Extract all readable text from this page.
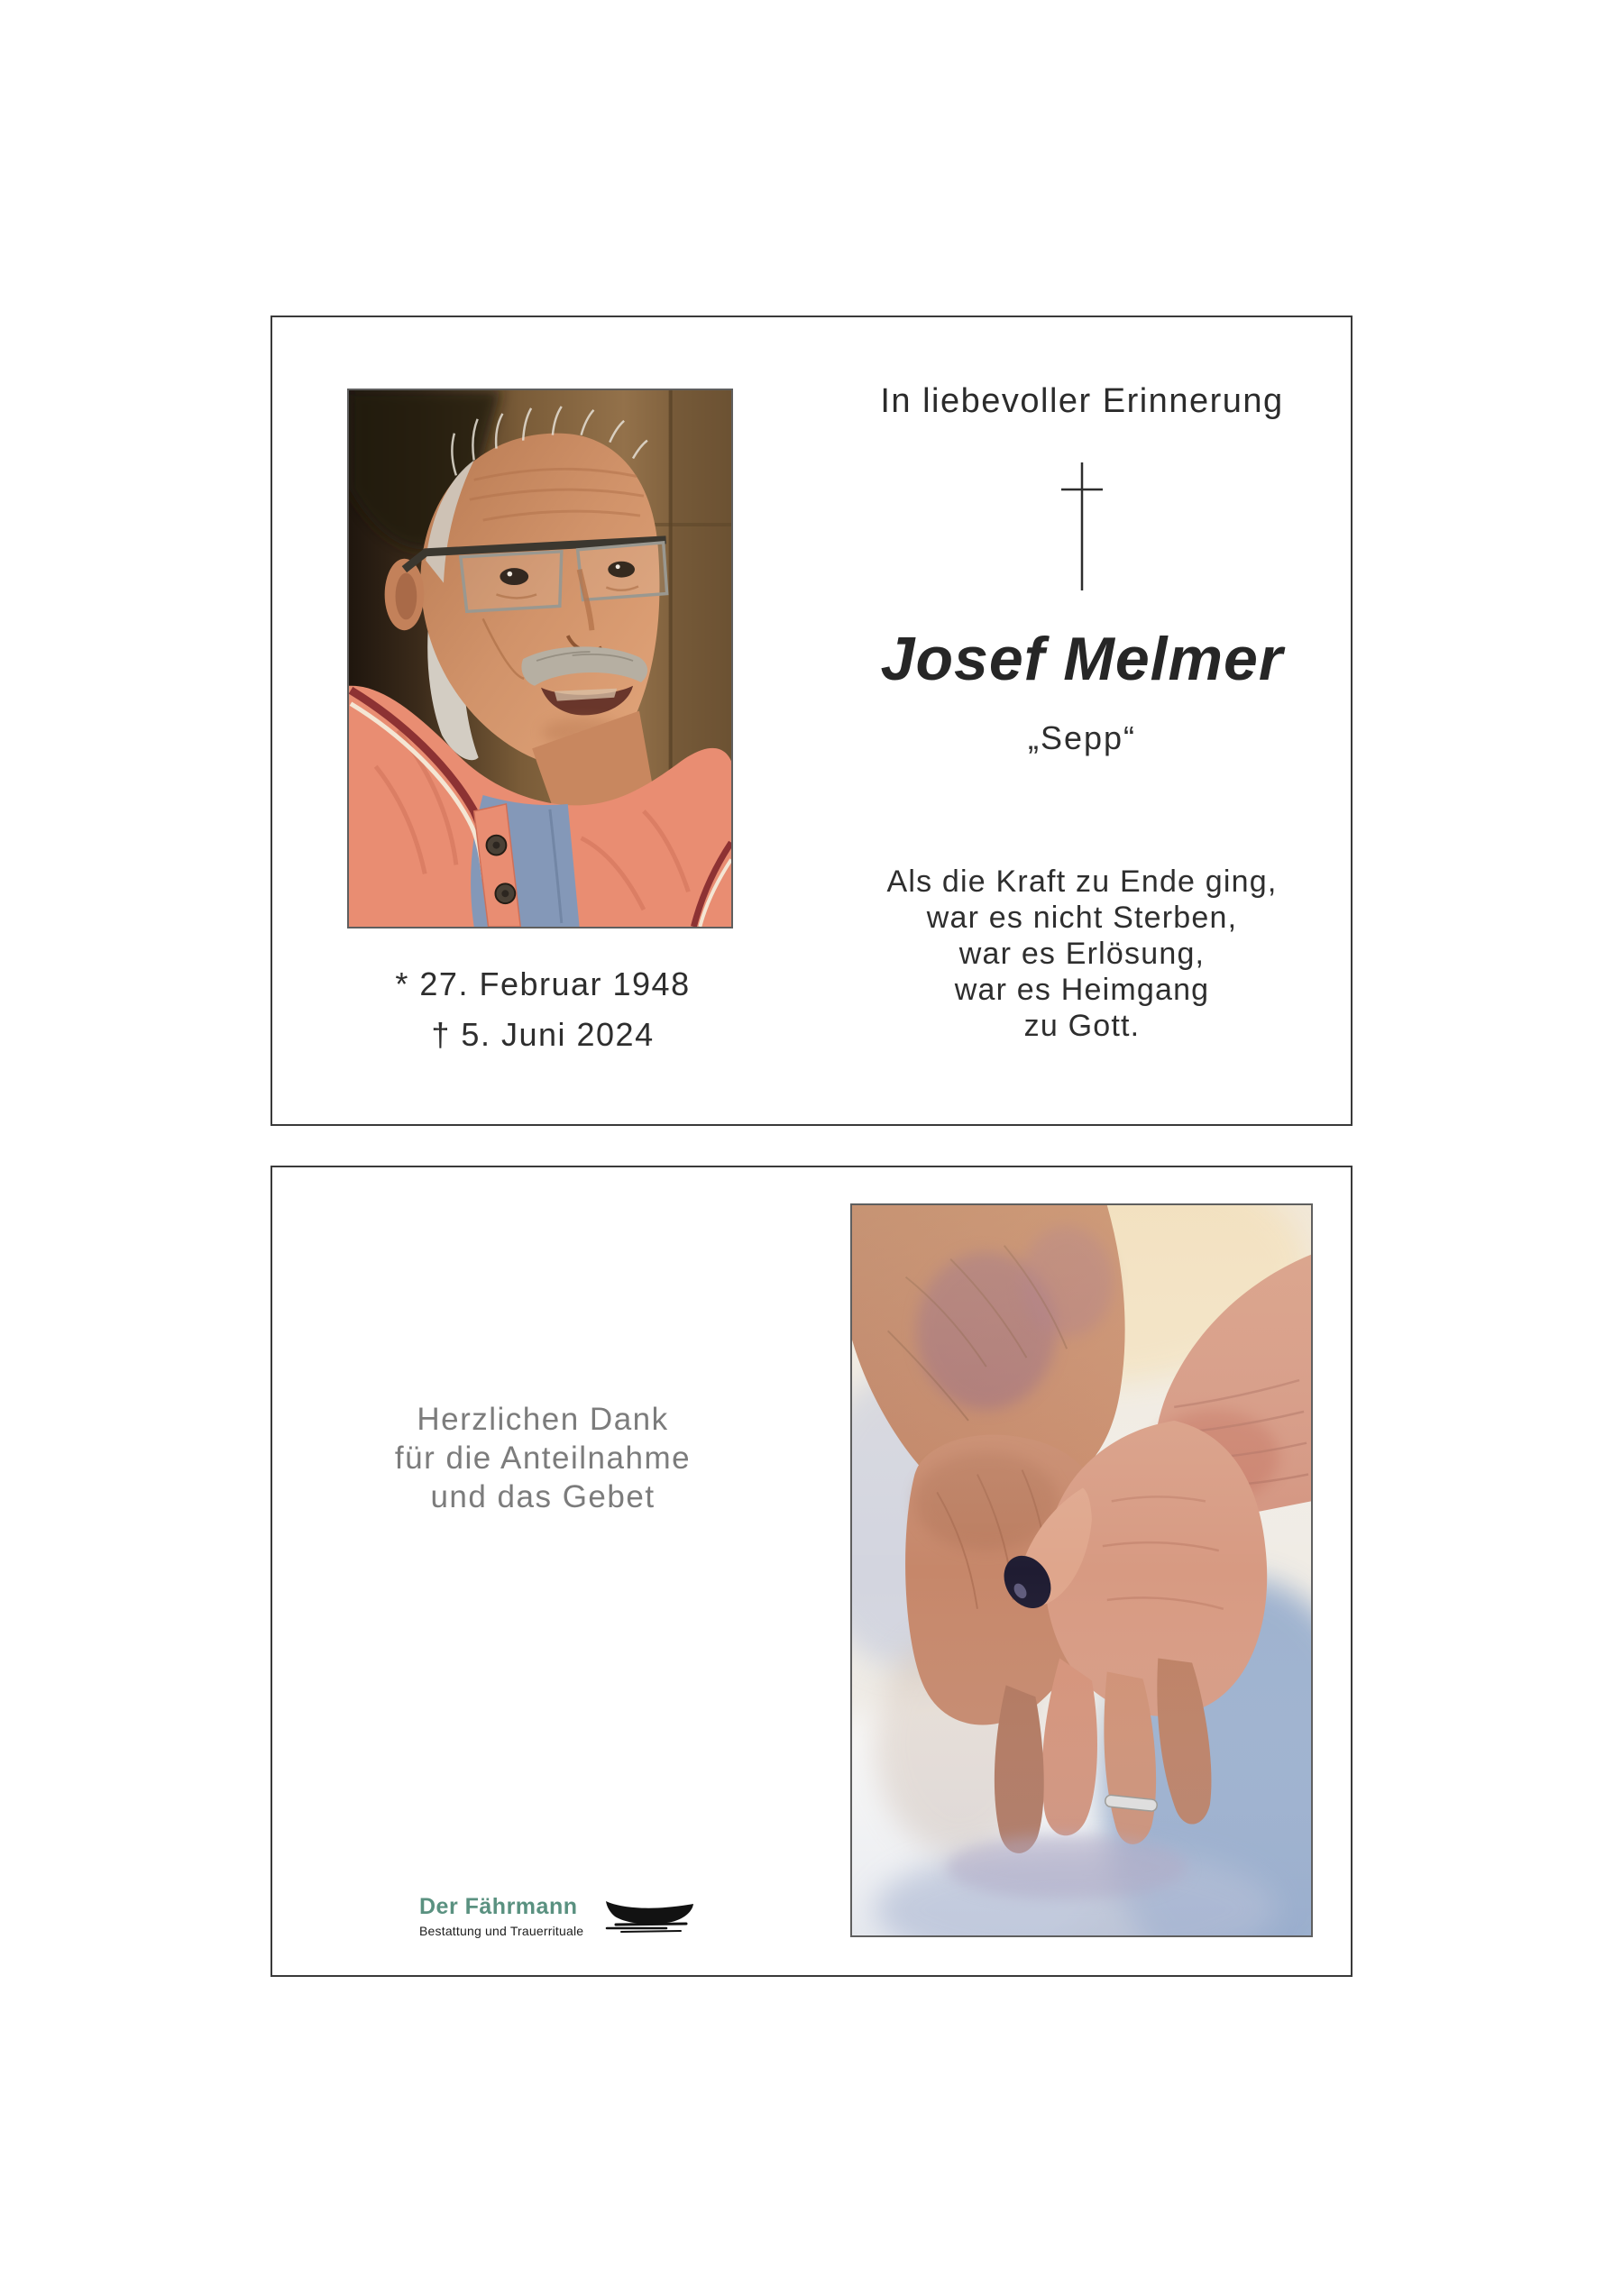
* 27. Februar 1948
† 5. Juni 2024
In liebevoller Erinnerung
Josef Melmer
„Sepp“
Als die Kraft zu Ende ging,
war es nicht Sterben,
war es Erlösung,
war es Heimgang
zu Gott.
Herzlichen Dank
für die Anteilnahme
und das Gebet
Der Fährmann
Bestattung und Trauerrituale
